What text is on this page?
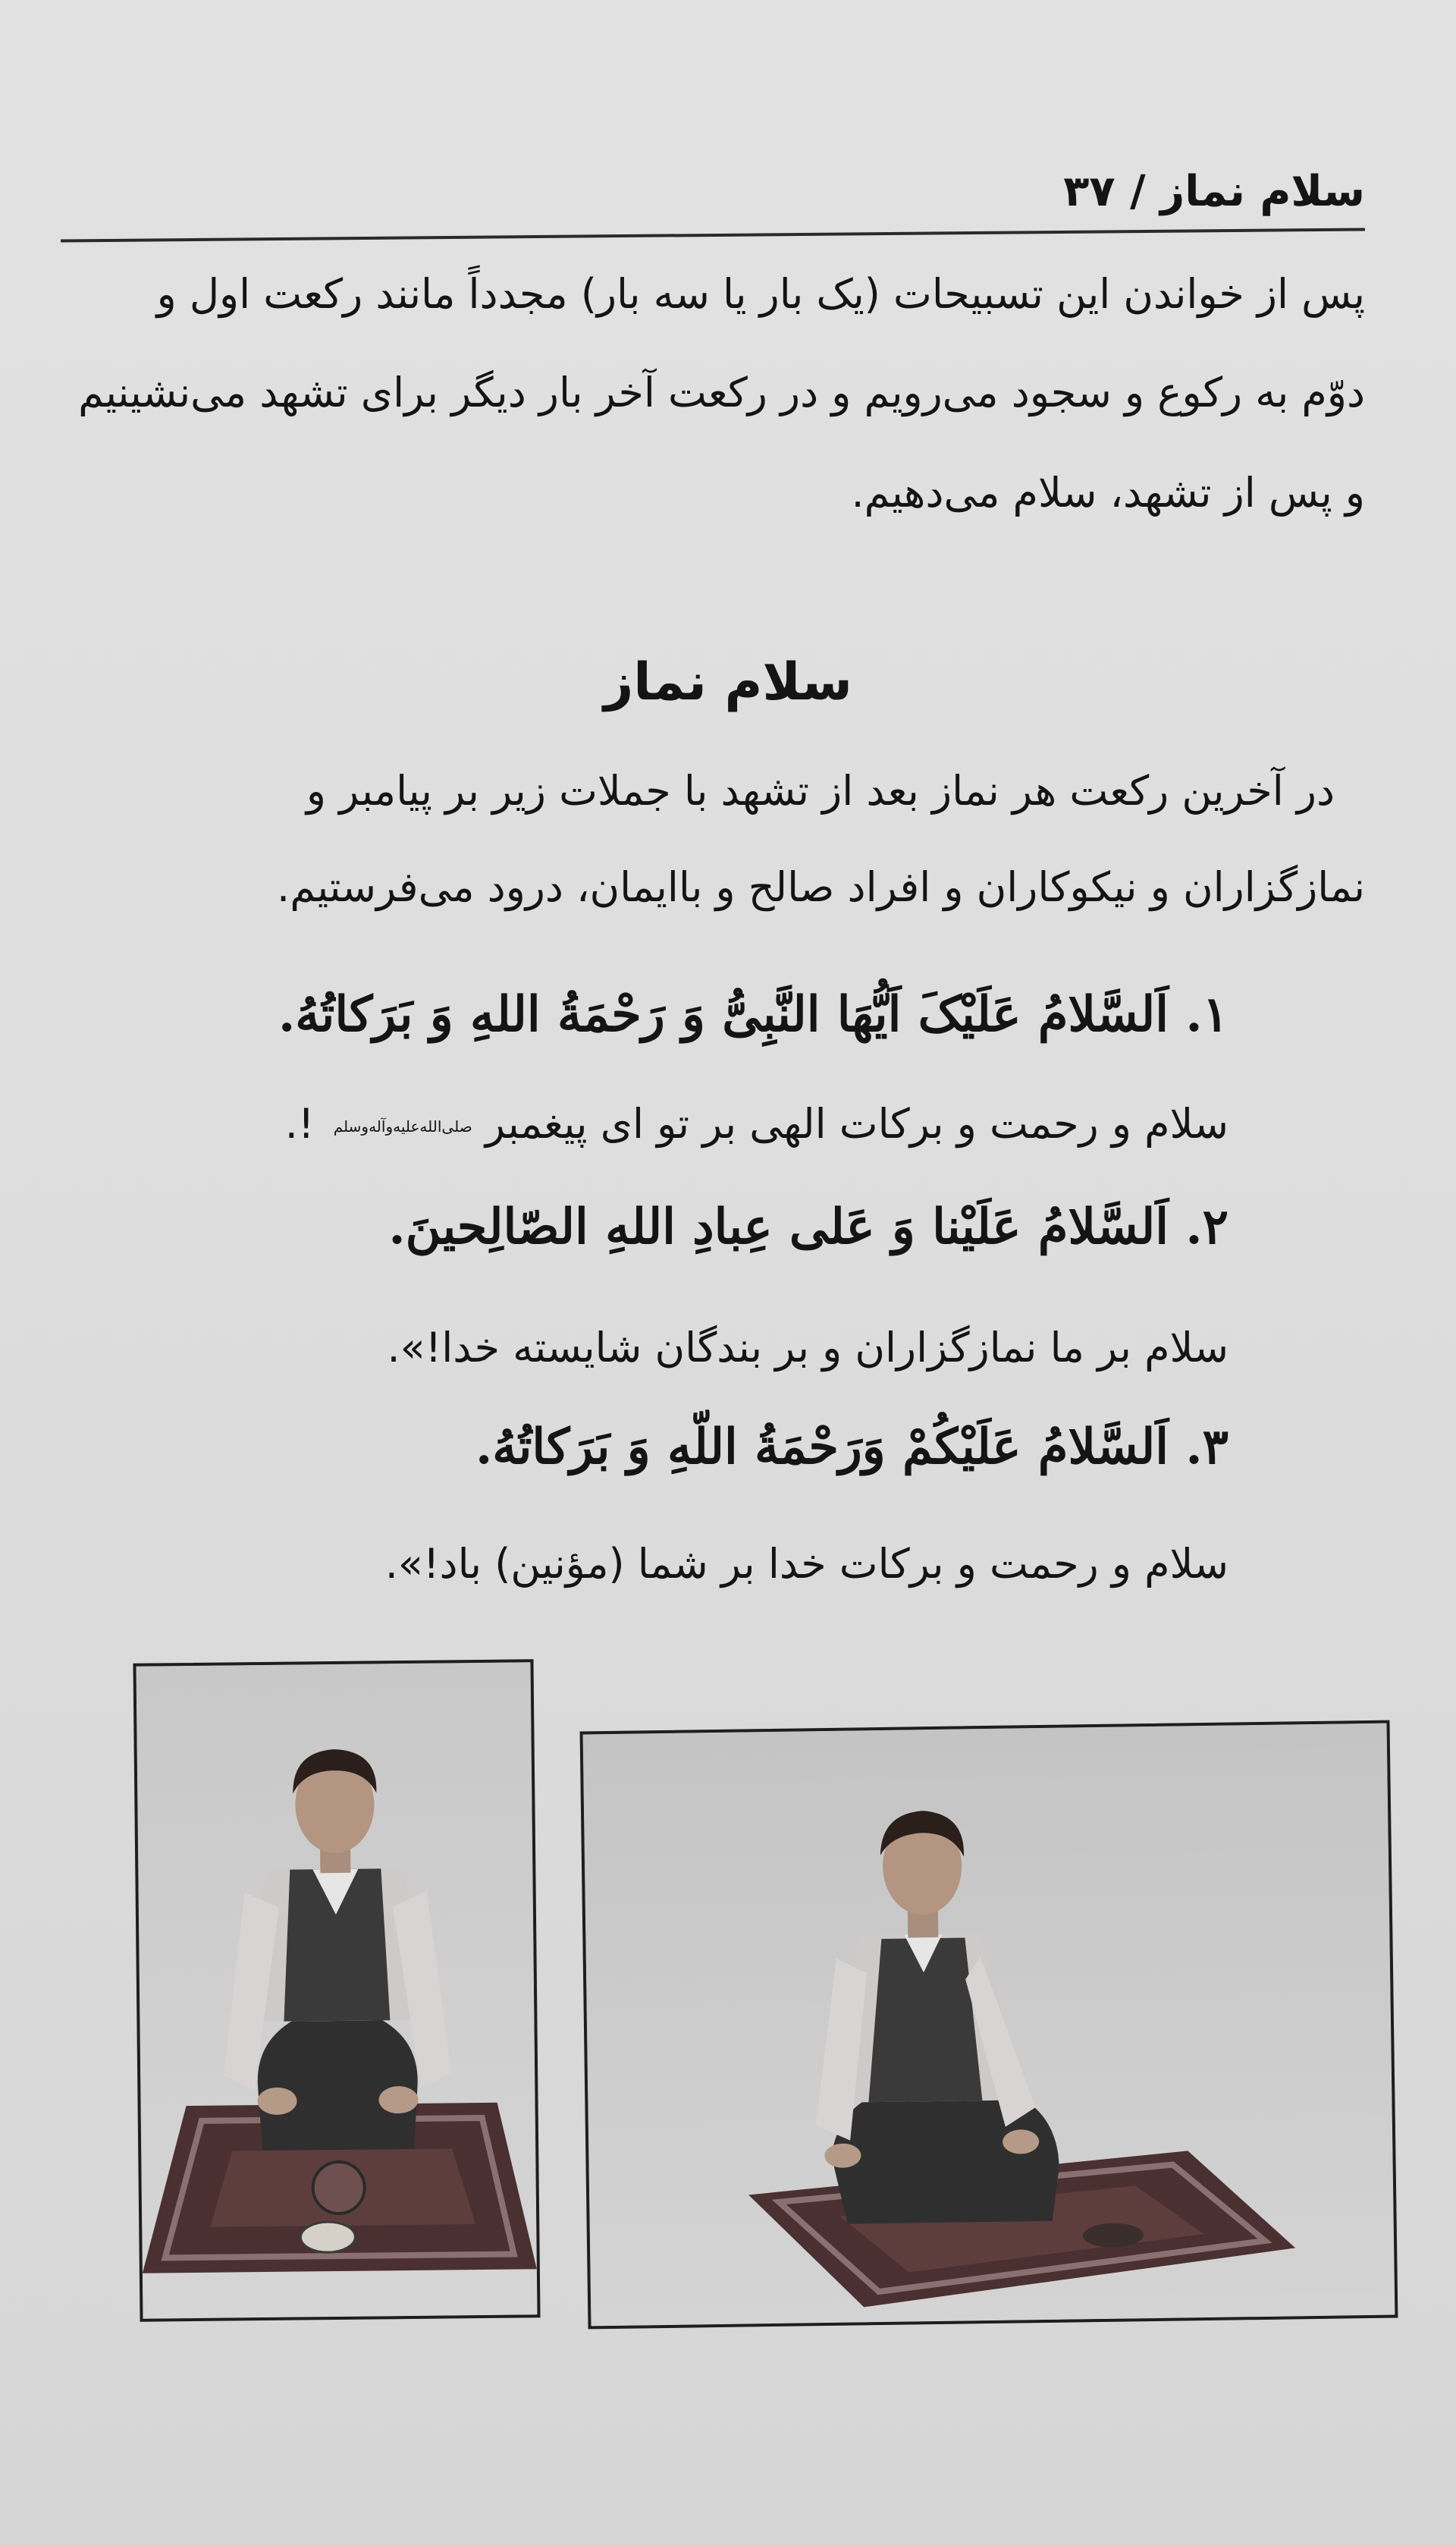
سلام نماز / ۳۷
پس از خواندن این تسبیحات (یک بار یا سه بار) مجدداً مانند رکعت اول و
دوّم به رکوع و سجود می‌رویم و در رکعت آخر بار دیگر برای تشهد می‌نشینیم
و پس از تشهد، سلام می‌دهیم.
سلام نماز
در آخرین رکعت هر نماز بعد از تشهد با جملات زیر بر پیامبر و
نمازگزاران و نیکوکاران و افراد صالح و باایمان، درود می‌فرستیم.
۱. اَلسَّلامُ عَلَیْکَ اَیُّهَا النَّبِیُّ وَ رَحْمَةُ اللهِ وَ بَرَکاتُهُ.
سلام و رحمت و برکات الهی بر تو ای پیغمبر صلی‌الله‌علیه‌وآله‌وسلم !.
۲. اَلسَّلامُ عَلَیْنا وَ عَلی عِبادِ اللهِ الصّالِحینَ.
سلام بر ما نمازگزاران و بر بندگان شایسته خدا!».
۳. اَلسَّلامُ عَلَیْکُمْ وَرَحْمَةُ اللّهِ وَ بَرَکاتُهُ.
سلام و رحمت و برکات خدا بر شما (مؤنین) باد!».
